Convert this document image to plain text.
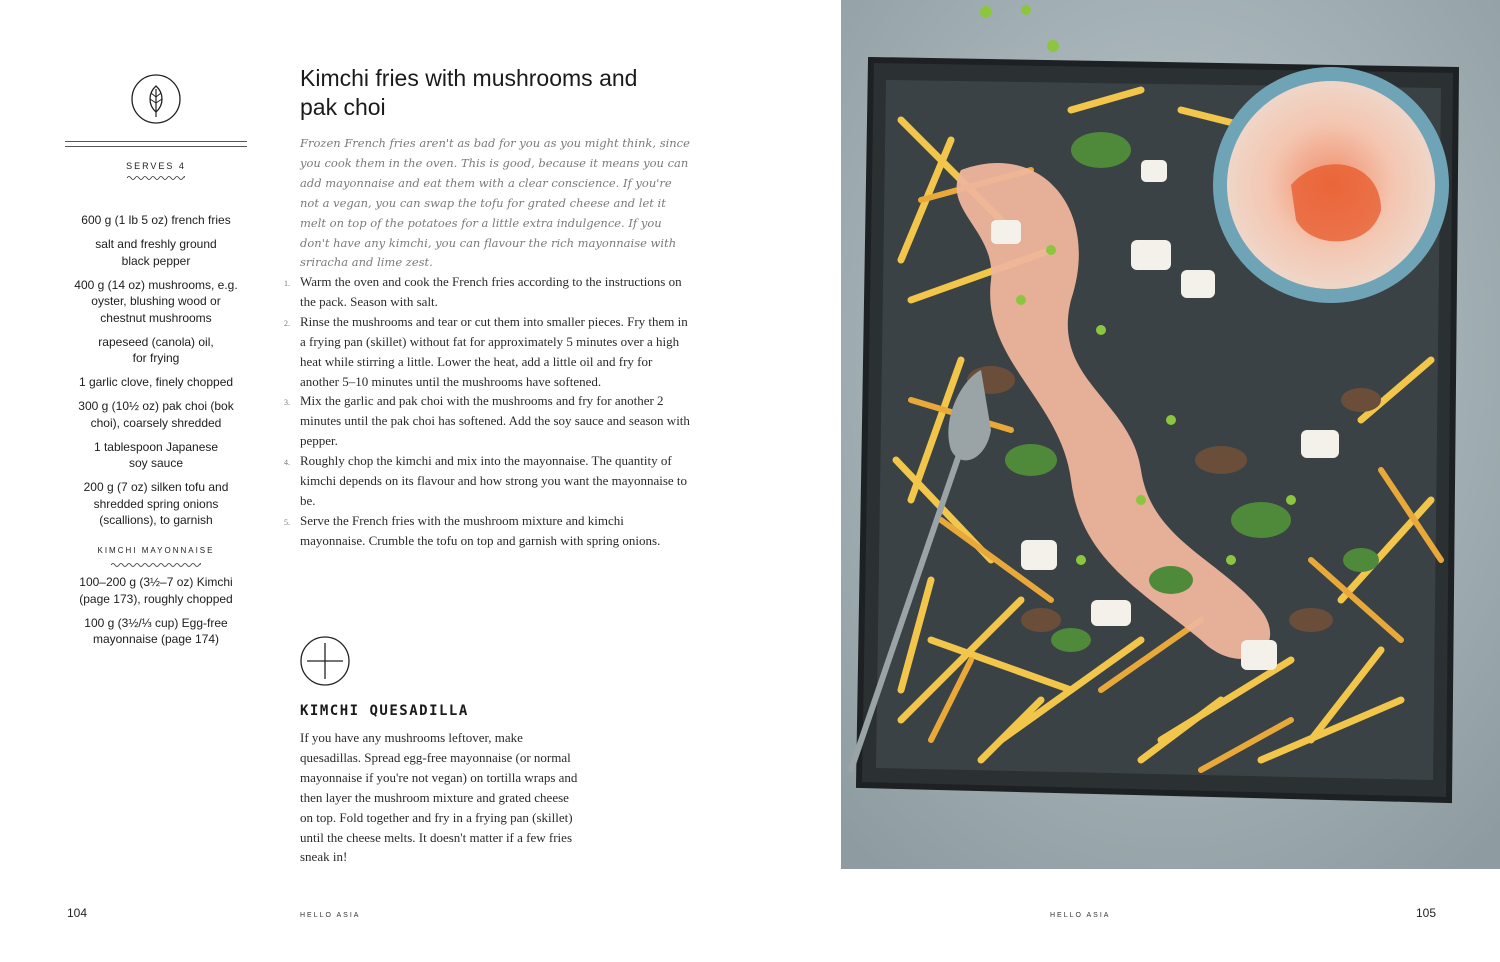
SERVES 4
600 g (1 lb 5 oz) french fries
salt and freshly ground black pepper
400 g (14 oz) mushrooms, e.g. oyster, blushing wood or chestnut mushrooms
rapeseed (canola) oil, for frying
1 garlic clove, finely chopped
300 g (10½ oz) pak choi (bok choi), coarsely shredded
1 tablespoon Japanese soy sauce
200 g (7 oz) silken tofu and shredded spring onions (scallions), to garnish
KIMCHI MAYONNAISE
100–200 g (3½–7 oz) Kimchi (page 173), roughly chopped
100 g (3½/⅓ cup) Egg-free mayonnaise (page 174)
Kimchi fries with mushrooms and pak choi

Frozen French fries aren't as bad for you as you might think, since you cook them in the oven. This is good, because it means you can add mayonnaise and eat them with a clear conscience. If you're not a vegan, you can swap the tofu for grated cheese and let it melt on top of the potatoes for a little extra indulgence. If you don't have any kimchi, you can flavour the rich mayonnaise with sriracha and lime zest.

1. Warm the oven and cook the French fries according to the instructions on the pack. Season with salt.
2. Rinse the mushrooms and tear or cut them into smaller pieces. Fry them in a frying pan (skillet) without fat for approximately 5 minutes over a high heat while stirring a little. Lower the heat, add a little oil and fry for another 5–10 minutes until the mushrooms have softened.
3. Mix the garlic and pak choi with the mushrooms and fry for another 2 minutes until the pak choi has softened. Add the soy sauce and season with pepper.
4. Roughly chop the kimchi and mix into the mayonnaise. The quantity of kimchi depends on its flavour and how strong you want the mayonnaise to be.
5. Serve the French fries with the mushroom mixture and kimchi mayonnaise. Crumble the tofu on top and garnish with spring onions.
KIMCHI QUESADILLA

If you have any mushrooms leftover, make quesadillas. Spread egg-free mayonnaise (or normal mayonnaise if you're not vegan) on tortilla wraps and then layer the mushroom mixture and grated cheese on top. Fold together and fry in a frying pan (skillet) until the cheese melts. It doesn't matter if a few fries sneak in!

104	HELLO ASIA	HELLO ASIA	105
